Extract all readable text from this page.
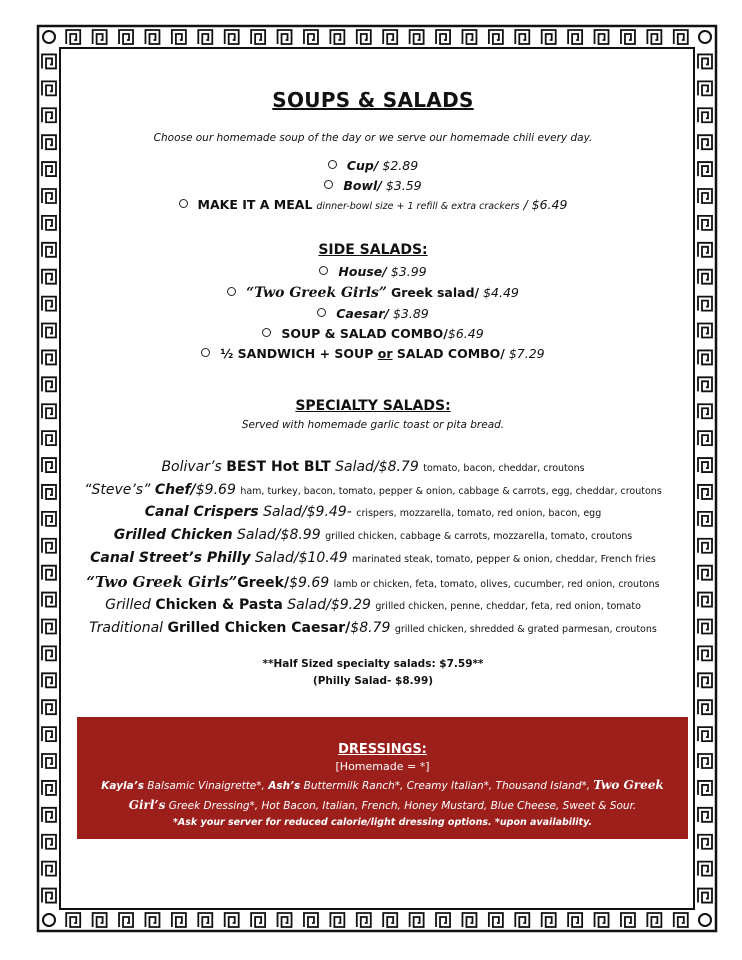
SOUPS & SALADS
Choose our homemade soup of the day or we serve our homemade chili every day.
Cup/ $2.89
Bowl/ $3.59
MAKE IT A MEAL dinner-bowl size + 1 refill & extra crackers / $6.49
SIDE SALADS:
House/ $3.99
“Two Greek Girls” Greek salad/ $4.49
Caesar/ $3.89
SOUP & SALAD COMBO/$6.49
½ SANDWICH + SOUP or SALAD COMBO/ $7.29
SPECIALTY SALADS:
Served with homemade garlic toast or pita bread.
Bolivar’s BEST Hot BLT Salad/$8.79 tomato, bacon, cheddar, croutons
“Steve’s” Chef/$9.69 ham, turkey, bacon, tomato, pepper & onion, cabbage & carrots, egg, cheddar, croutons
Canal Crispers Salad/$9.49- crispers, mozzarella, tomato, red onion, bacon, egg
Grilled Chicken Salad/$8.99 grilled chicken, cabbage & carrots, mozzarella, tomato, croutons
Canal Street’s Philly Salad/$10.49 marinated steak, tomato, pepper & onion, cheddar, French fries
“Two Greek Girls”Greek/$9.69 lamb or chicken, feta, tomato, olives, cucumber, red onion, croutons
Grilled Chicken & Pasta Salad/$9.29 grilled chicken, penne, cheddar, feta, red onion, tomato
Traditional Grilled Chicken Caesar/$8.79 grilled chicken, shredded & grated parmesan, croutons
**Half Sized specialty salads: $7.59**
(Philly Salad- $8.99)
DRESSINGS:
[Homemade = *]
Kayla’s Balsamic Vinaigrette*, Ash’s Buttermilk Ranch*, Creamy Italian*, Thousand Island*, Two Greek
Girl’s Greek Dressing*, Hot Bacon, Italian, French, Honey Mustard, Blue Cheese, Sweet & Sour.
*Ask your server for reduced calorie/light dressing options. *upon availability.
